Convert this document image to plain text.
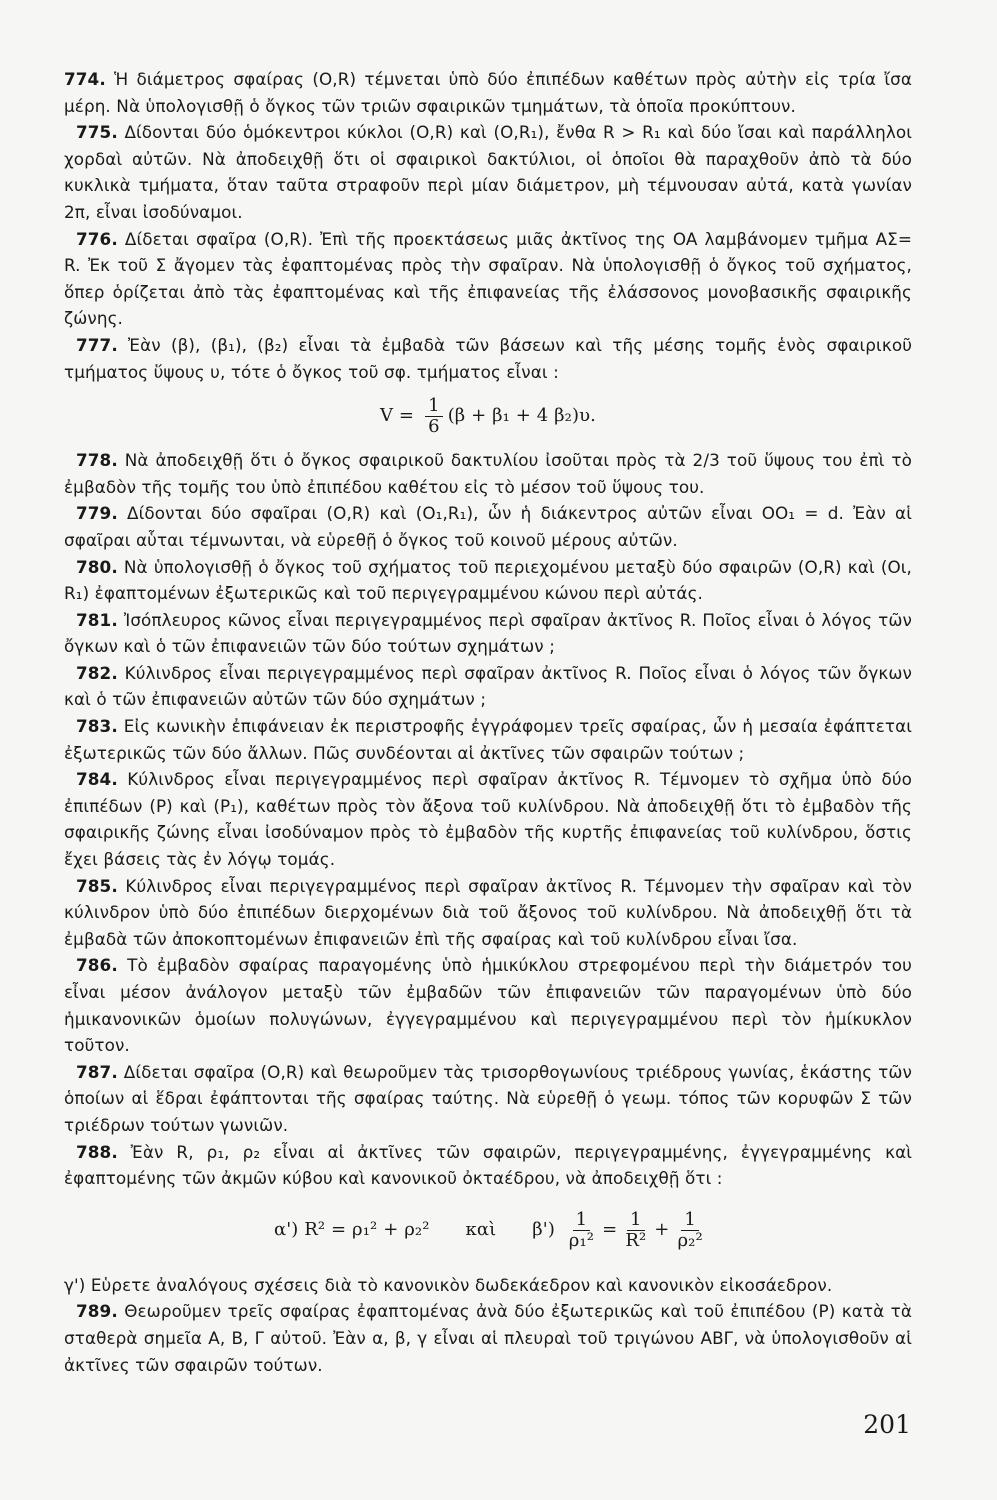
774. Ἡ διάμετρος σφαίρας (O,R) τέμνεται ὑπὸ δύο ἐπιπέδων καθέτων πρὸς αὐτὴν εἰς τρία ἴσα μέρη. Νὰ ὑπολογισθῇ ὁ ὄγκος τῶν τριῶν σφαιρικῶν τμημάτων, τὰ ὁποῖα προκύπτουν.

775. Δίδονται δύο ὁμόκεντροι κύκλοι (O,R) καὶ (O,R₁), ἔνθα R > R₁ καὶ δύο ἴσαι καὶ παράλληλοι χορδαὶ αὐτῶν. Νὰ ἀποδειχθῇ ὅτι οἱ σφαιρικοὶ δακτύλιοι, οἱ ὁποῖοι θὰ παραχθοῦν ἀπὸ τὰ δύο κυκλικὰ τμήματα, ὅταν ταῦτα στραφοῦν περὶ μίαν διάμετρον, μὴ τέμνουσαν αὐτά, κατὰ γωνίαν 2π, εἶναι ἰσοδύναμοι.

776. Δίδεται σφαῖρα (O,R). Ἐπὶ τῆς προεκτάσεως μιᾶς ἀκτῖνος της OA λαμβάνομεν τμῆμα AΣ= R. Ἐκ τοῦ Σ ἄγομεν τὰς ἐφαπτομένας πρὸς τὴν σφαῖραν. Νὰ ὑπολογισθῇ ὁ ὄγκος τοῦ σχήματος, ὅπερ ὁρίζεται ἀπὸ τὰς ἐφαπτομένας καὶ τῆς ἐπιφανείας τῆς ἐλάσσονος μονοβασικῆς σφαιρικῆς ζώνης.

777. Ἐὰν (β), (β₁), (β₂) εἶναι τὰ ἐμβαδὰ τῶν βάσεων καὶ τῆς μέσης τομῆς ἑνὸς σφαιρικοῦ τμήματος ὕψους υ, τότε ὁ ὄγκος τοῦ σφ. τμήματος εἶναι :

$V = \frac{1}{6} (\beta + \beta_1 + 4$ β₂)υ.

778. Νὰ ἀποδειχθῇ ὅτι ὁ ὄγκος σφαιρικοῦ δακτυλίου ἰσοῦται πρὸς τὰ 2/3 τοῦ ὕψους του ἐπὶ τὸ ἐμβαδὸν τῆς τομῆς του ὑπὸ ἐπιπέδου καθέτου εἰς τὸ μέσον τοῦ ὕψους του.

779. Δίδονται δύο σφαῖραι (O,R) καὶ (O₁,R₁), ὧν ἡ διάκεντρος αὐτῶν εἶναι OO₁ = d. Ἐὰν αἱ σφαῖραι αὗται τέμνωνται, νὰ εὑρεθῇ ὁ ὄγκος τοῦ κοινοῦ μέρους αὐτῶν.

780. Νὰ ὑπολογισθῇ ὁ ὄγκος τοῦ σχήματος τοῦ περιεχομένου μεταξὺ δύο σφαιρῶν (O,R) καὶ (Oι, R₁) ἐφαπτομένων ἐξωτερικῶς καὶ τοῦ περιγεγραμμένου κώνου περὶ αὐτάς.

781. Ἰσόπλευρος κῶνος εἶναι περιγεγραμμένος περὶ σφαῖραν ἀκτῖνος R. Ποῖος εἶναι ὁ λόγος τῶν ὄγκων καὶ ὁ τῶν ἐπιφανειῶν τῶν δύο τούτων σχημάτων ;

782. Κύλινδρος εἶναι περιγεγραμμένος περὶ σφαῖραν ἀκτῖνος R. Ποῖος εἶναι ὁ λόγος τῶν ὄγκων καὶ ὁ τῶν ἐπιφανειῶν αὐτῶν τῶν δύο σχημάτων ;

783. Εἰς κωνικὴν ἐπιφάνειαν ἐκ περιστροφῆς ἐγγράφομεν τρεῖς σφαίρας, ὧν ἡ μεσαία ἐφάπτεται ἐξωτερικῶς τῶν δύο ἄλλων. Πῶς συνδέονται αἱ ἀκτῖνες τῶν σφαιρῶν τούτων ;

784. Κύλινδρος εἶναι περιγεγραμμένος περὶ σφαῖραν ἀκτῖνος R. Τέμνομεν τὸ σχῆμα ὑπὸ δύο ἐπιπέδων (P) καὶ (P₁), καθέτων πρὸς τὸν ἄξονα τοῦ κυλίνδρου. Νὰ ἀποδειχθῇ ὅτι τὸ ἐμβαδὸν τῆς σφαιρικῆς ζώνης εἶναι ἰσοδύναμον πρὸς τὸ ἐμβαδὸν τῆς κυρτῆς ἐπιφανείας τοῦ κυλίνδρου, ὅστις ἔχει βάσεις τὰς ἐν λόγῳ τομάς.

785. Κύλινδρος εἶναι περιγεγραμμένος περὶ σφαῖραν ἀκτῖνος R. Τέμνομεν τὴν σφαῖραν καὶ τὸν κύλινδρον ὑπὸ δύο ἐπιπέδων διερχομένων διὰ τοῦ ἄξονος τοῦ κυλίνδρου. Νὰ ἀποδειχθῇ ὅτι τὰ ἐμβαδὰ τῶν ἀποκοπτομένων ἐπιφανειῶν ἐπὶ τῆς σφαίρας καὶ τοῦ κυλίνδρου εἶναι ἴσα.

786. Τὸ ἐμβαδὸν σφαίρας παραγομένης ὑπὸ ἡμικύκλου στρεφομένου περὶ τὴν διάμετρόν του εἶναι μέσον ἀνάλογον μεταξὺ τῶν ἐμβαδῶν τῶν ἐπιφανειῶν τῶν παραγομένων ὑπὸ δύο ἡμικανονικῶν ὁμοίων πολυγώνων, ἐγγεγραμμένου καὶ περιγεγραμμένου περὶ τὸν ἡμίκυκλον τοῦτον.

787. Δίδεται σφαῖρα (O,R) καὶ θεωροῦμεν τὰς τρισορθογωνίους τριέδρους γωνίας, ἑκάστης τῶν ὁποίων αἱ ἕδραι ἐφάπτονται τῆς σφαίρας ταύτης. Νὰ εὑρεθῇ ὁ γεωμ. τόπος τῶν κορυφῶν Σ τῶν τριέδρων τούτων γωνιῶν.

788. Ἐὰν R, ρ₁, ρ₂ εἶναι αἱ ἀκτῖνες τῶν σφαιρῶν, περιγεγραμμένης, ἐγγεγραμμένης καὶ ἐφαπτομένης τῶν ἀκμῶν κύβου καὶ κανονικοῦ ὀκταέδρου, νὰ ἀποδειχθῇ ὅτι :

α')
R² = ρ₁² + ρ₂² καὶ β')
$\frac{1}{\text{ρ₁²}} = \frac{1}{\text{R²}} + \frac{1}{\text{ρ₂²}}$

γ') Εὑρετε ἀναλόγους σχέσεις διὰ τὸ κανονικὸν δωδεκάεδρον καὶ κανονικὸν εἰκοσάεδρον.

789. Θεωροῦμεν τρεῖς σφαίρας ἐφαπτομένας ἀνὰ δύο ἐξωτερικῶς καὶ τοῦ ἐπιπέδου (P) κατὰ τὰ σταθερὰ σημεῖα A, B, Γ αὐτοῦ. Ἐὰν α, β, γ εἶναι αἱ πλευραὶ τοῦ τριγώνου ΑΒΓ, νὰ ὑπολογισθοῦν αἱ ἀκτῖνες τῶν σφαιρῶν τούτων.

201
